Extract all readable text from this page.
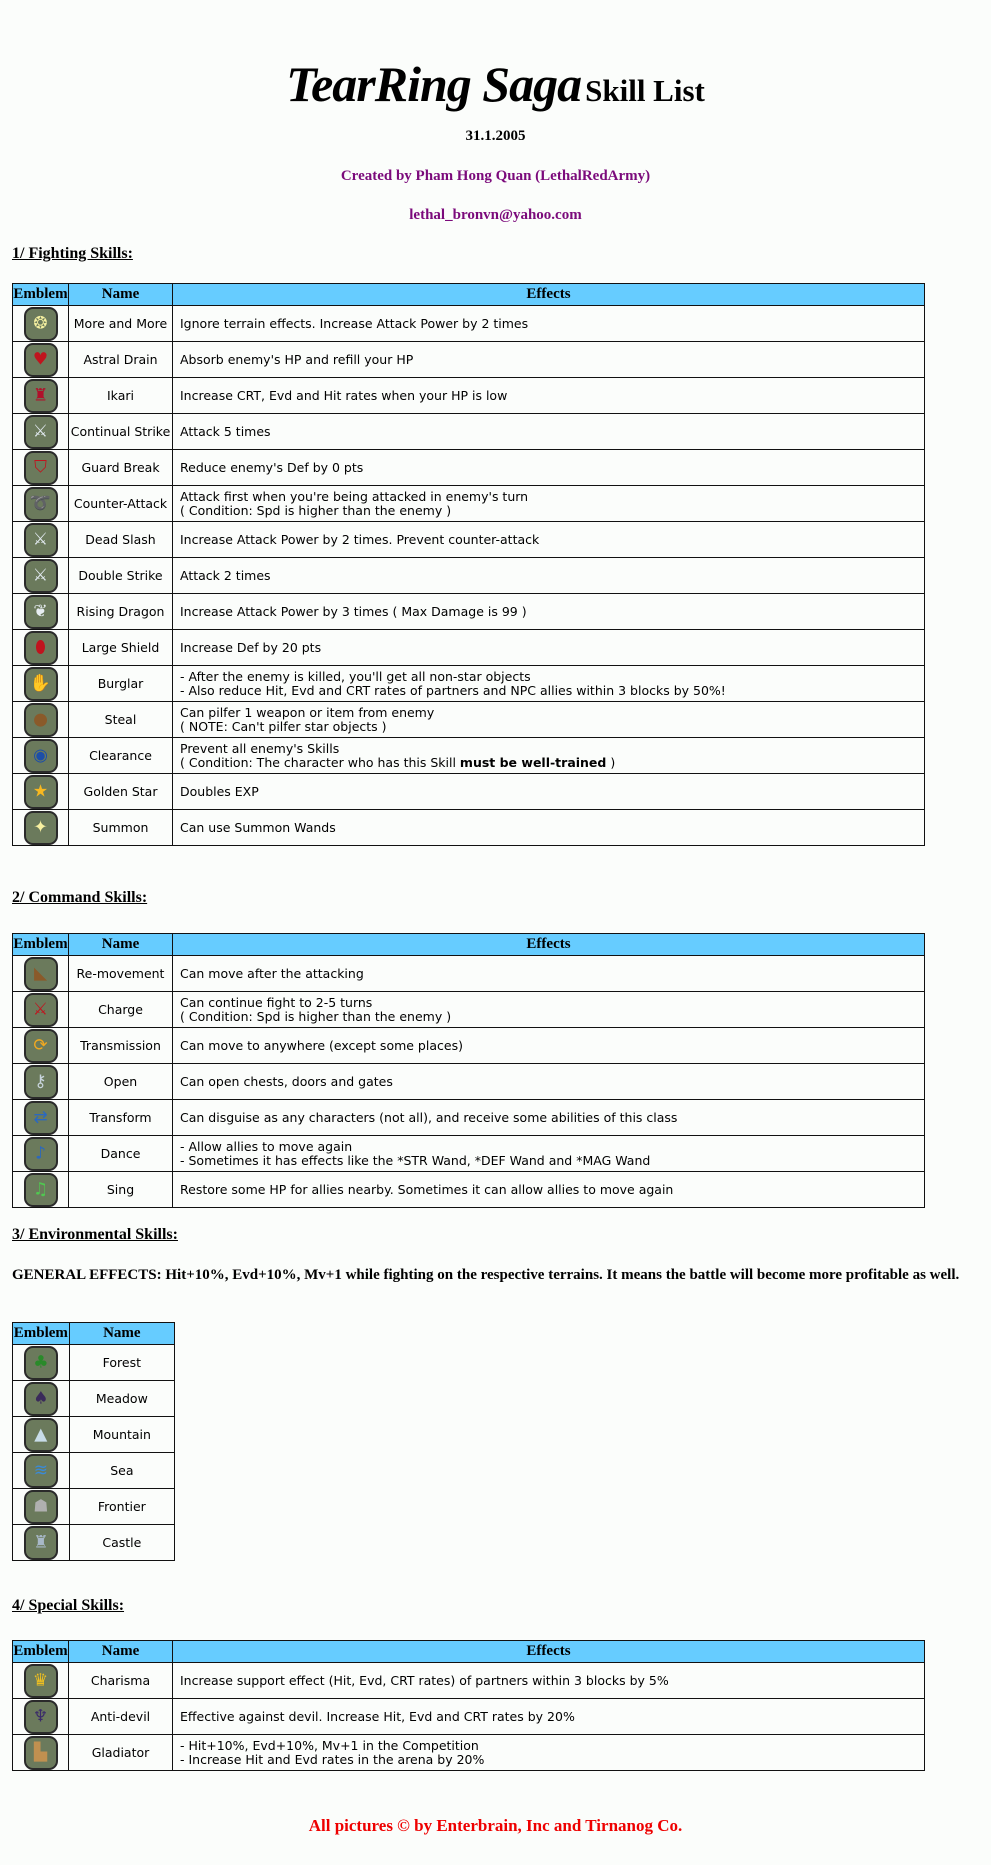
TearRing Saga Skill List
31.1.2005
Created by Pham Hong Quan (LethalRedArmy)
lethal_bronvn@yahoo.com
1/ Fighting Skills:
Emblem	Name	Effects

❂	More and More	Ignore terrain effects. Increase Attack Power by 2 times

♥	Astral Drain	Absorb enemy's HP and refill your HP

♜	Ikari	Increase CRT, Evd and Hit rates when your HP is low

⚔	Continual Strike	Attack 5 times

⛉	Guard Break	Reduce enemy's Def by 0 pts

➰	Counter-Attack	Attack first when you're being attacked in enemy's turn
( Condition: Spd is higher than the enemy )

⚔	Dead Slash	Increase Attack Power by 2 times. Prevent counter-attack

⚔	Double Strike	Attack 2 times

❦	Rising Dragon	Increase Attack Power by 3 times ( Max Damage is 99 )

⬮	Large Shield	Increase Def by 20 pts

✋	Burglar	- After the enemy is killed, you'll get all non-star objects
- Also reduce Hit, Evd and CRT rates of partners and NPC allies within 3 blocks by 50%!

●	Steal	Can pilfer 1 weapon or item from enemy
( NOTE: Can't pilfer star objects )

◉	Clearance	Prevent all enemy's Skills
( Condition: The character who has this Skill must be well-trained )

★	Golden Star	Doubles EXP

✦	Summon	Can use Summon Wands
2/ Command Skills:
Emblem	Name	Effects

◣	Re-movement	Can move after the attacking

⚔	Charge	Can continue fight to 2-5 turns
( Condition: Spd is higher than the enemy )

⟳	Transmission	Can move to anywhere (except some places)

⚷	Open	Can open chests, doors and gates

⇄	Transform	Can disguise as any characters (not all), and receive some abilities of this class

♪	Dance	- Allow allies to move again
- Sometimes it has effects like the *STR Wand, *DEF Wand and *MAG Wand

♫	Sing	Restore some HP for allies nearby. Sometimes it can allow allies to move again
3/ Environmental Skills:
GENERAL EFFECTS: Hit+10%, Evd+10%, Mv+1 while fighting on the respective terrains. It means the battle will become more profitable as well.
Emblem	Name

♣	Forest

♠	Meadow

▲	Mountain

≋	Sea

☗	Frontier

♜	Castle
4/ Special Skills:
Emblem	Name	Effects

♛	Charisma	Increase support effect (Hit, Evd, CRT rates) of partners within 3 blocks by 5%

♆	Anti-devil	Effective against devil. Increase Hit, Evd and CRT rates by 20%

▙	Gladiator	- Hit+10%, Evd+10%, Mv+1 in the Competition
- Increase Hit and Evd rates in the arena by 20%
All pictures © by Enterbrain, Inc and Tirnanog Co.
